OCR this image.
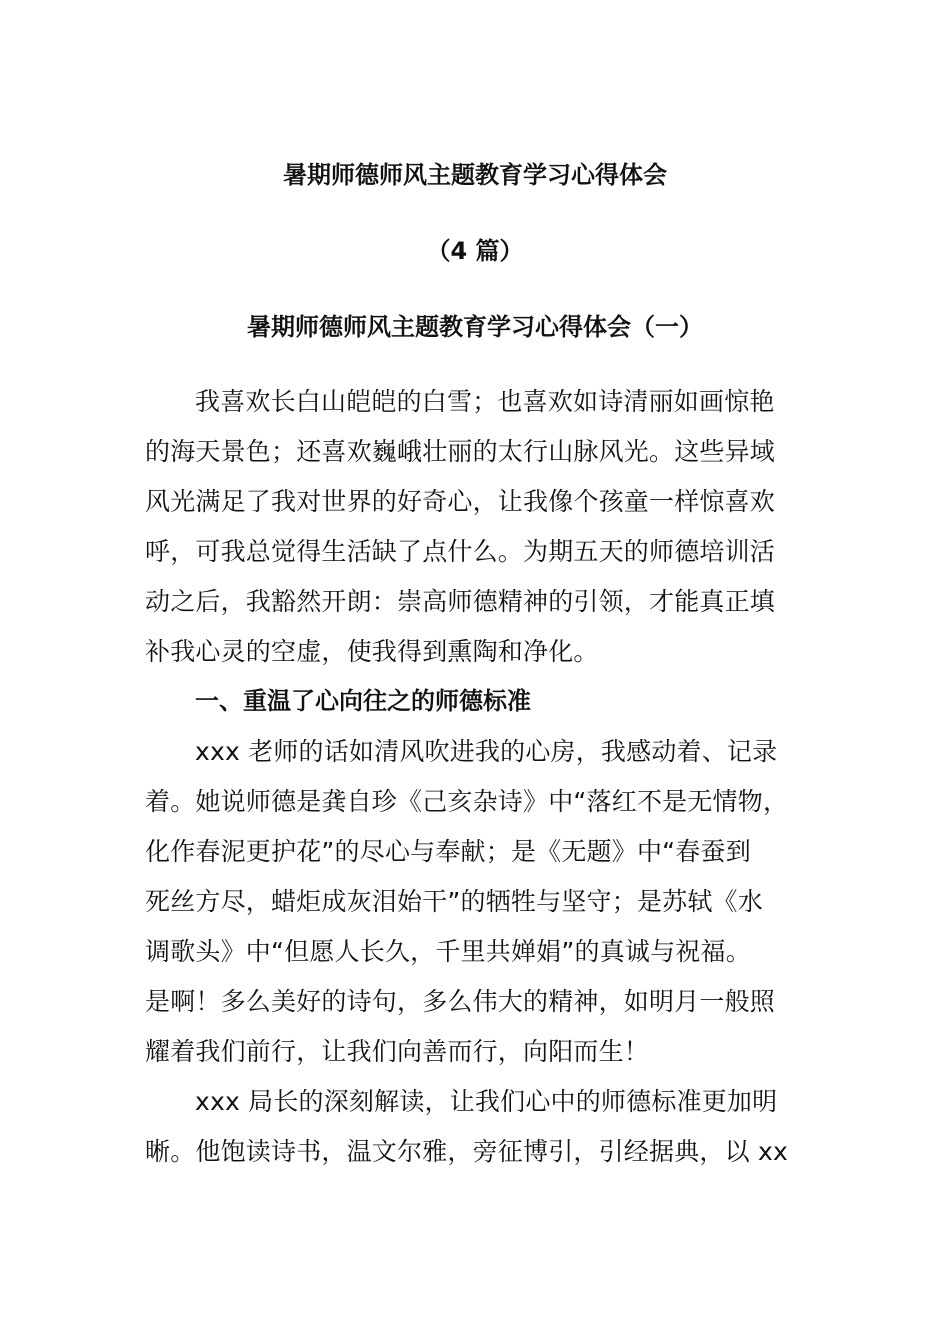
暑期师德师风主题教育学习心得体会
（4 篇）
暑期师德师风主题教育学习心得体会（一）
我喜欢长白山皑皑的白雪；也喜欢如诗清丽如画惊艳
的海天景色；还喜欢巍峨壮丽的太行山脉风光。这些异域
风光满足了我对世界的好奇心，让我像个孩童一样惊喜欢
呼，可我总觉得生活缺了点什么。为期五天的师德培训活
动之后，我豁然开朗：崇高师德精神的引领，才能真正填
补我心灵的空虚，使我得到熏陶和净化。
一、重温了心向往之的师德标准
xxx 老师的话如清风吹进我的心房，我感动着、记录
着。她说师德是龚自珍《己亥杂诗》中“落红不是无情物，
化作春泥更护花”的尽心与奉献；是《无题》中“春蚕到
死丝方尽，蜡炬成灰泪始干”的牺牲与坚守；是苏轼《水
调歌头》中“但愿人长久，千里共婵娟”的真诚与祝福。
是啊！多么美好的诗句，多么伟大的精神，如明月一般照
耀着我们前行，让我们向善而行，向阳而生！
xxx 局长的深刻解读，让我们心中的师德标准更加明
晰。他饱读诗书，温文尔雅，旁征博引，引经据典，以 xx
